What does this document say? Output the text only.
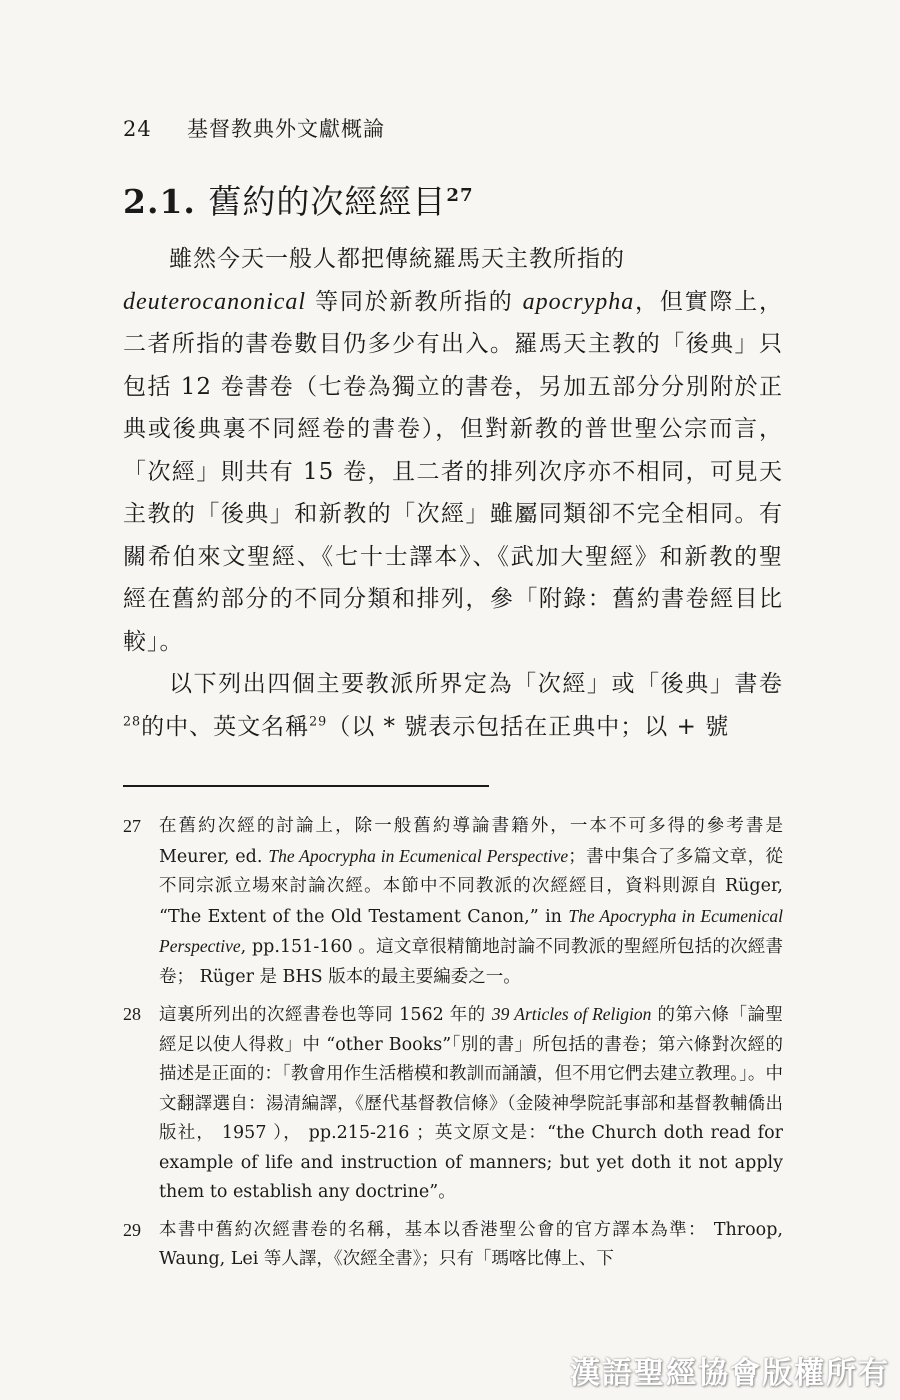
24 基督教典外文獻概論
2.1. 舊約的次經經目$^{27}$

雖然今天一般人都把傳統羅馬天主教所指的
deuterocanonical 等同於新教所指的 apocrypha，但實際上，二者所指的書卷數目仍多少有出入。羅馬天主教的「後典」只包括 12 卷書卷（七卷為獨立的書卷，另加五部分分別附於正典或後典裏不同經卷的書卷），但對新教的普世聖公宗而言，「次經」則共有 15 卷，且二者的排列次序亦不相同，可見天主教的「後典」和新教的「次經」雖屬同類卻不完全相同。有關希伯來文聖經、《七十士譯本》、《武加大聖經》和新教的聖經在舊約部分的不同分類和排列，參「附錄：舊約書卷經目比較」。

以下列出四個主要教派所界定為「次經」或「後典」書卷$^{28}$的中、英文名稱$^{29}$（以 * 號表示包括在正典中；以 + 號

27	在舊約次經的討論上，除一般舊約導論書籍外，一本不可多得的參考書是 Meurer, ed. The Apocrypha in Ecumenical Perspective；書中集合了多篇文章，從不同宗派立場來討論次經。本節中不同教派的次經經目，資料則源自 Rüger, “The Extent of the Old Testament Canon,” in The Apocrypha in Ecumenical Perspective, pp.151-160 。這文章很精簡地討論不同教派的聖經所包括的次經書卷； Rüger 是 BHS 版本的最主要編委之一。
28	這裏所列出的次經書卷也等同 1562 年的 39 Articles of Religion 的第六條「論聖經足以使人得救」中 “other Books”「別的書」所包括的書卷；第六條對次經的描述是正面的：「教會用作生活楷模和教訓而誦讀，但不用它們去建立教理。」。中文翻譯選自：湯清編譯，《歷代基督教信條》（金陵神學院託事部和基督教輔僑出版社， 1957 ）， pp.215-216 ；英文原文是：“the Church doth read for example of life and instruction of manners; but yet doth it not apply them to establish any doctrine”。
29	本書中舊約次經書卷的名稱，基本以香港聖公會的官方譯本為準： Throop, Waung, Lei 等人譯，《次經全書》；只有「瑪喀比傳上、下
漢語聖經協會版權所有
